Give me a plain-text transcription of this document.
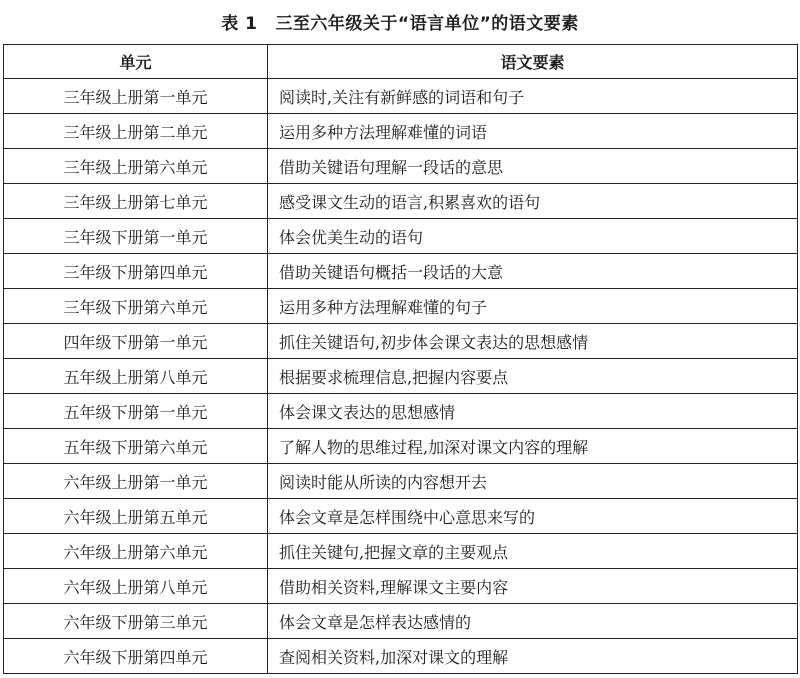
表 1 三至六年级关于“语言单位”的语文要素
单元	语文要素
三年级上册第一单元	阅读时,关注有新鲜感的词语和句子
三年级上册第二单元	运用多种方法理解难懂的词语
三年级上册第六单元	借助关键语句理解一段话的意思
三年级上册第七单元	感受课文生动的语言,积累喜欢的语句
三年级下册第一单元	体会优美生动的语句
三年级下册第四单元	借助关键语句概括一段话的大意
三年级下册第六单元	运用多种方法理解难懂的句子
四年级下册第一单元	抓住关键语句,初步体会课文表达的思想感情
五年级上册第八单元	根据要求梳理信息,把握内容要点
五年级下册第一单元	体会课文表达的思想感情
五年级下册第六单元	了解人物的思维过程,加深对课文内容的理解
六年级上册第一单元	阅读时能从所读的内容想开去
六年级上册第五单元	体会文章是怎样围绕中心意思来写的
六年级上册第六单元	抓住关键句,把握文章的主要观点
六年级上册第八单元	借助相关资料,理解课文主要内容
六年级下册第三单元	体会文章是怎样表达感情的
六年级下册第四单元	查阅相关资料,加深对课文的理解
